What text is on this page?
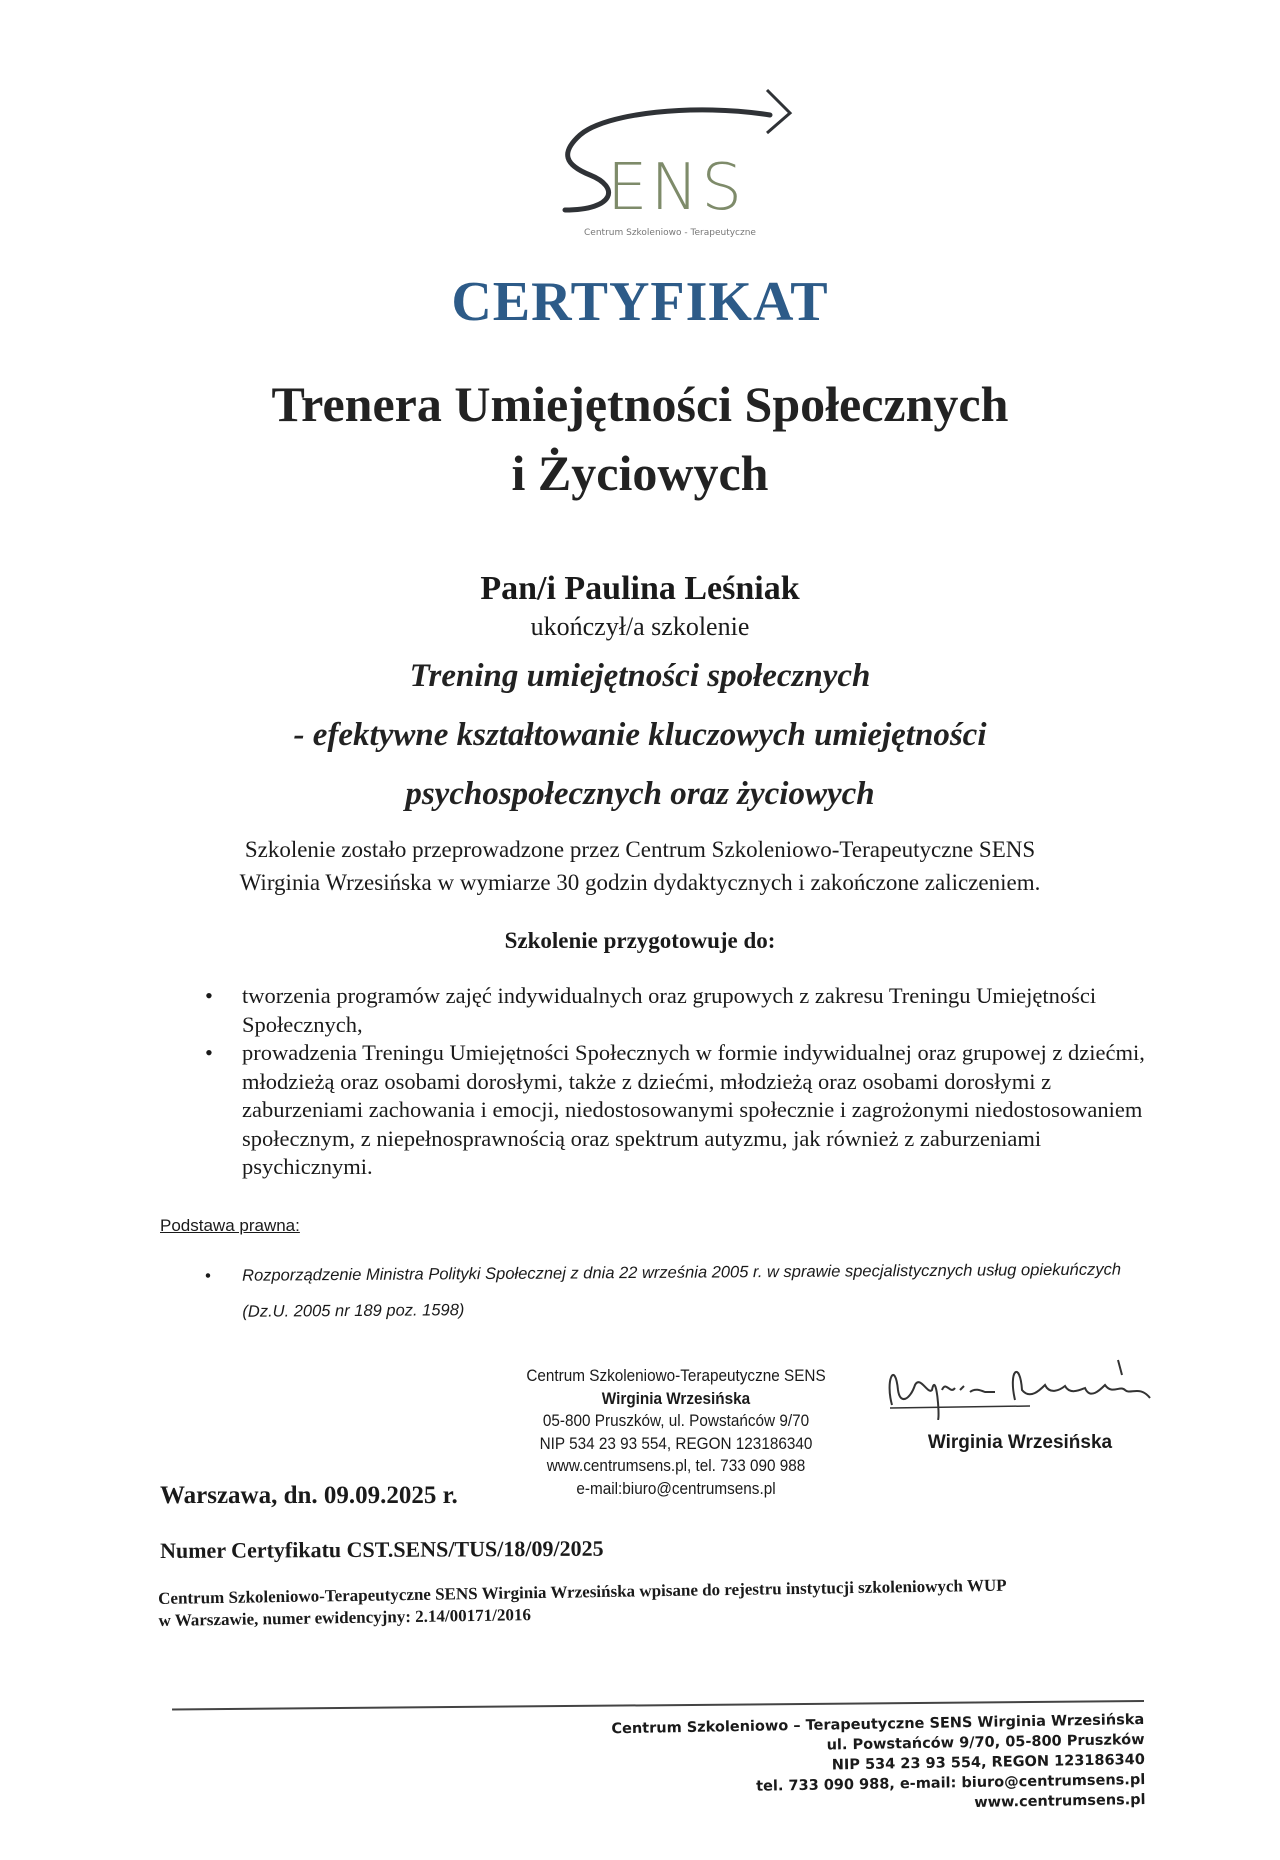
ENS
Centrum Szkoleniowo - Terapeutyczne
CERTYFIKAT
Trenera Umiejętności Społecznych
i Życiowych
Pan/i Paulina Leśniak
ukończył/a szkolenie
Trening umiejętności społecznych
- efektywne kształtowanie kluczowych umiejętności
psychospołecznych oraz życiowych
Szkolenie zostało przeprowadzone przez Centrum Szkoleniowo-Terapeutyczne SENS
Wirginia Wrzesińska w wymiarze 30 godzin dydaktycznych i zakończone zaliczeniem.
Szkolenie przygotowuje do:
• tworzenia programów zajęć indywidualnych oraz grupowych z zakresu Treningu Umiejętności Społecznych,
• prowadzenia Treningu Umiejętności Społecznych w formie indywidualnej oraz grupowej z dziećmi, młodzieżą oraz osobami dorosłymi, także z dziećmi, młodzieżą oraz osobami dorosłymi z zaburzeniami zachowania i emocji, niedostosowanymi społecznie i zagrożonymi niedostosowaniem społecznym, z niepełnosprawnością oraz spektrum autyzmu, jak również z zaburzeniami psychicznymi.
Podstawa prawna:
• Rozporządzenie Ministra Polityki Społecznej z dnia 22 września 2005 r. w sprawie specjalistycznych usług opiekuńczych (Dz.U. 2005 nr 189 poz. 1598)
Centrum Szkoleniowo-Terapeutyczne SENS
Wirginia Wrzesińska
05-800 Pruszków, ul. Powstańców 9/70
NIP 534 23 93 554, REGON 123186340
www.centrumsens.pl, tel. 733 090 988
e-mail:biuro@centrumsens.pl
Wirginia Wrzesińska
Warszawa, dn. 09.09.2025 r.
Numer Certyfikatu CST.SENS/TUS/18/09/2025
Centrum Szkoleniowo-Terapeutyczne SENS Wirginia Wrzesińska wpisane do rejestru instytucji szkoleniowych WUP
w Warszawie, numer ewidencyjny: 2.14/00171/2016
Centrum Szkoleniowo – Terapeutyczne SENS Wirginia Wrzesińska
ul. Powstańców 9/70, 05-800 Pruszków
NIP 534 23 93 554, REGON 123186340
tel. 733 090 988, e-mail: biuro@centrumsens.pl
www.centrumsens.pl
